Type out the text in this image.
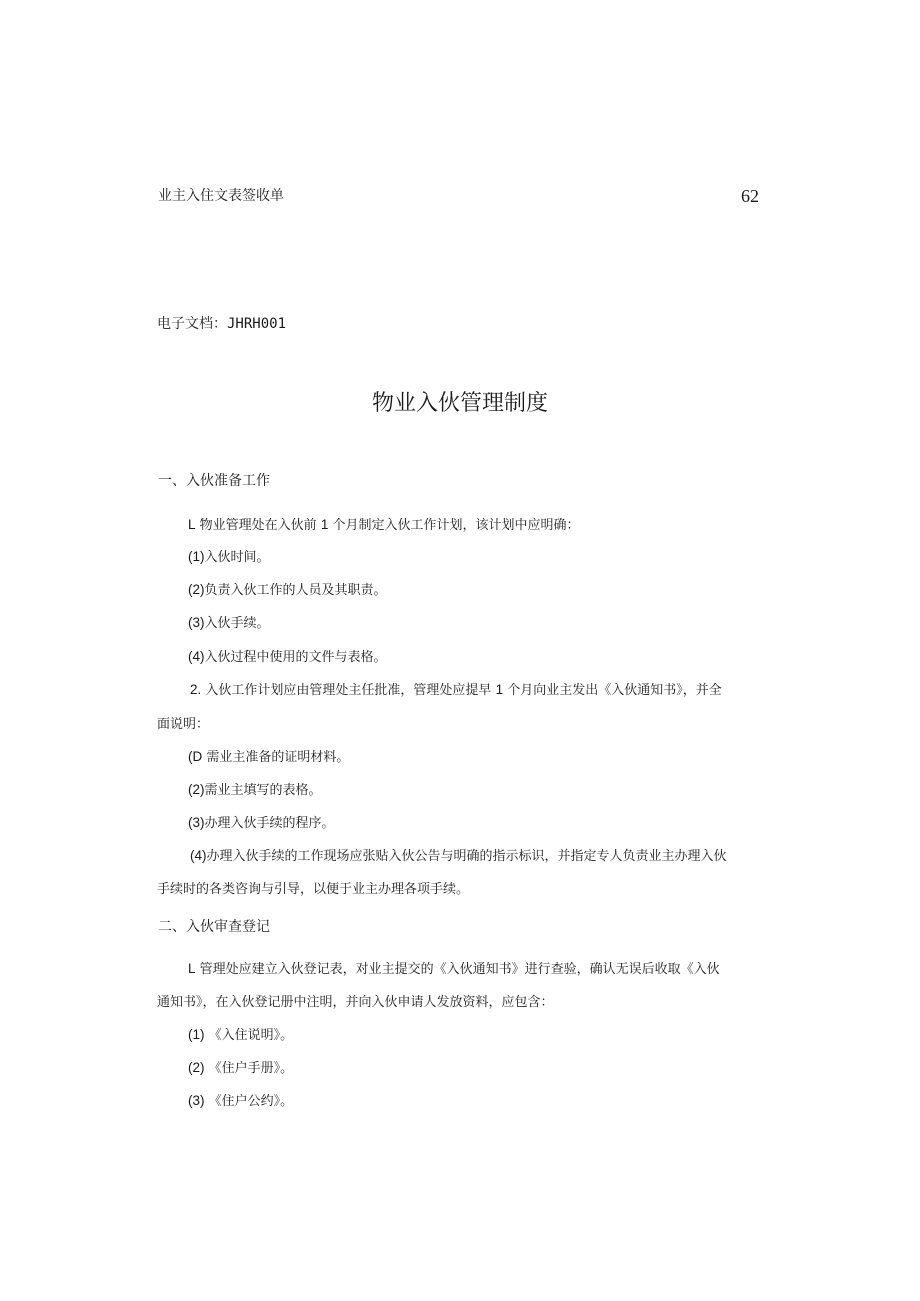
业主入住文表签收单	62
电子文档：JHRH001
物业入伙管理制度
一、入伙准备工作
L 物业管理处在入伙前 1 个月制定入伙工作计划，该计划中应明确：
(1)入伙时间。
(2)负责入伙工作的人员及其职责。
(3)入伙手续。
(4)入伙过程中使用的文件与表格。
2. 入伙工作计划应由管理处主任批准，管理处应提早 1 个月向业主发出《入伙通知书》，并全
面说明：
(D 需业主准备的证明材料。
(2)需业主填写的表格。
(3)办理入伙手续的程序。
(4)办理入伙手续的工作现场应张贴入伙公告与明确的指示标识，并指定专人负责业主办理入伙
手续时的各类咨询与引导，以便于业主办理各项手续。
二、入伙审查登记
L 管理处应建立入伙登记表，对业主提交的《入伙通知书》进行查验，确认无误后收取《入伙
通知书》，在入伙登记册中注明，并向入伙申请人发放资料，应包含：
(1) 《入住说明》。
(2) 《住户手册》。
(3) 《住户公约》。
